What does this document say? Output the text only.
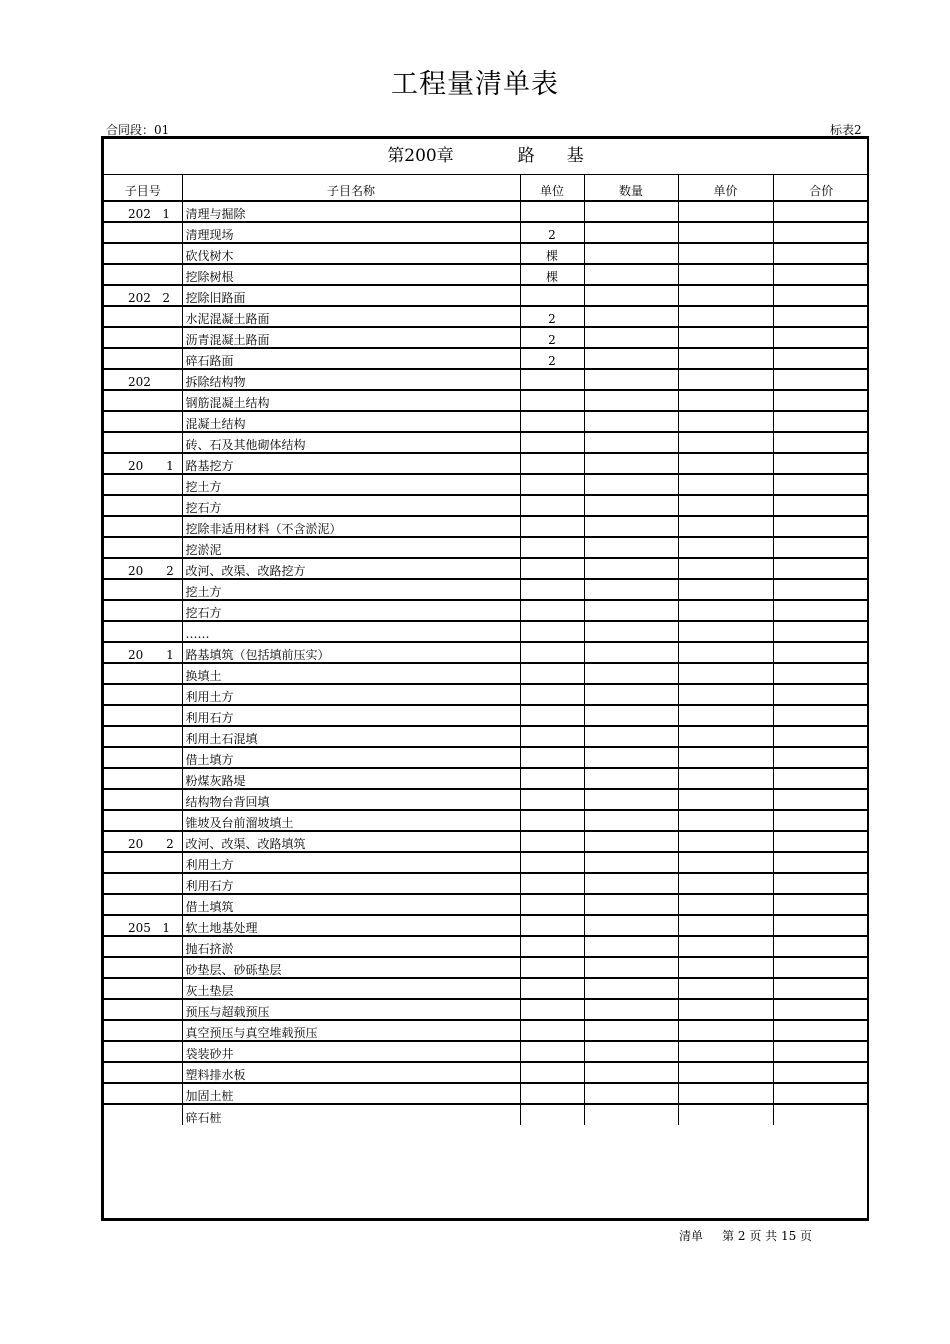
工程量清单表
合同段：01	标表2
第200章	路 基
子目号	子目名称	单位	数量	单价	合价
202   1	清理与掘除				
	清理现场	2			
	砍伐树木	棵			
	挖除树根	棵			
202   2	挖除旧路面				
	水泥混凝土路面	2			
	沥青混凝土路面	2			
	碎石路面	2			
202	拆除结构物				
	钢筋混凝土结构				
	混凝土结构				
	砖、石及其他砌体结构				
20      1	路基挖方				
	挖土方				
	挖石方				
	挖除非适用材料（不含淤泥）				
	挖淤泥				
20      2	改河、改渠、改路挖方				
	挖土方				
	挖石方				
	……				
20      1	路基填筑（包括填前压实）				
	换填土				
	利用土方				
	利用石方				
	利用土石混填				
	借土填方				
	粉煤灰路堤				
	结构物台背回填				
	锥坡及台前溜坡填土				
20      2	改河、改渠、改路填筑				
	利用土方				
	利用石方				
	借土填筑				
205   1	软土地基处理				
	抛石挤淤				
	砂垫层、砂砾垫层				
	灰土垫层				
	预压与超载预压				
	真空预压与真空堆载预压				
	袋装砂井				
	塑料排水板				
	加固土桩				
	碎石桩				
清单     第 2 页 共 15 页
